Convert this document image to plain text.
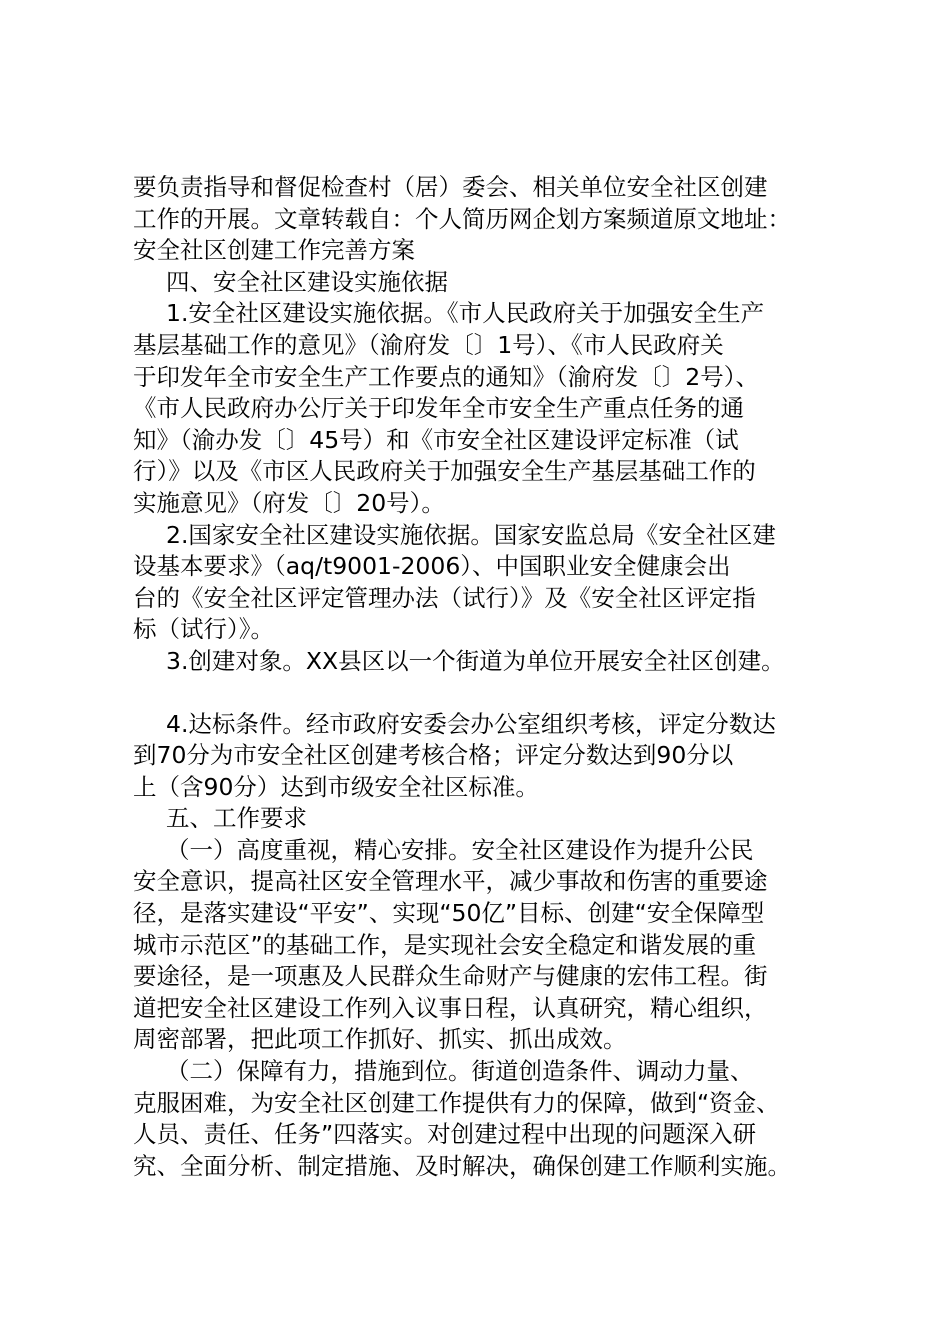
要负责指导和督促检查村（居）委会、相关单位安全社区创建
工作的开展。文章转载自：个人简历网企划方案频道原文地址：
安全社区创建工作完善方案
四、安全社区建设实施依据
1.安全社区建设实施依据。《市人民政府关于加强安全生产
基层基础工作的意见》（渝府发〔〕1号）、《市人民政府关
于印发年全市安全生产工作要点的通知》（渝府发〔〕2号）、
《市人民政府办公厅关于印发年全市安全生产重点任务的通
知》（渝办发〔〕45号）和《市安全社区建设评定标准（试
行）》以及《市区人民政府关于加强安全生产基层基础工作的
实施意见》（府发〔〕20号）。
2.国家安全社区建设实施依据。国家安监总局《安全社区建
设基本要求》（aq/t9001-2006）、中国职业安全健康会出
台的《安全社区评定管理办法（试行）》及《安全社区评定指
标（试行）》。
3.创建对象。XX县区以一个街道为单位开展安全社区创建。
4.达标条件。经市政府安委会办公室组织考核，评定分数达
到70分为市安全社区创建考核合格；评定分数达到90分以
上（含90分）达到市级安全社区标准。
五、工作要求
（一）高度重视，精心安排。安全社区建设作为提升公民
安全意识，提高社区安全管理水平，减少事故和伤害的重要途
径，是落实建设“平安”、实现“50亿”目标、创建“安全保障型
城市示范区”的基础工作，是实现社会安全稳定和谐发展的重
要途径，是一项惠及人民群众生命财产与健康的宏伟工程。街
道把安全社区建设工作列入议事日程，认真研究，精心组织，
周密部署，把此项工作抓好、抓实、抓出成效。
（二）保障有力，措施到位。街道创造条件、调动力量、
克服困难，为安全社区创建工作提供有力的保障，做到“资金、
人员、责任、任务”四落实。对创建过程中出现的问题深入研
究、全面分析、制定措施、及时解决，确保创建工作顺利实施。
